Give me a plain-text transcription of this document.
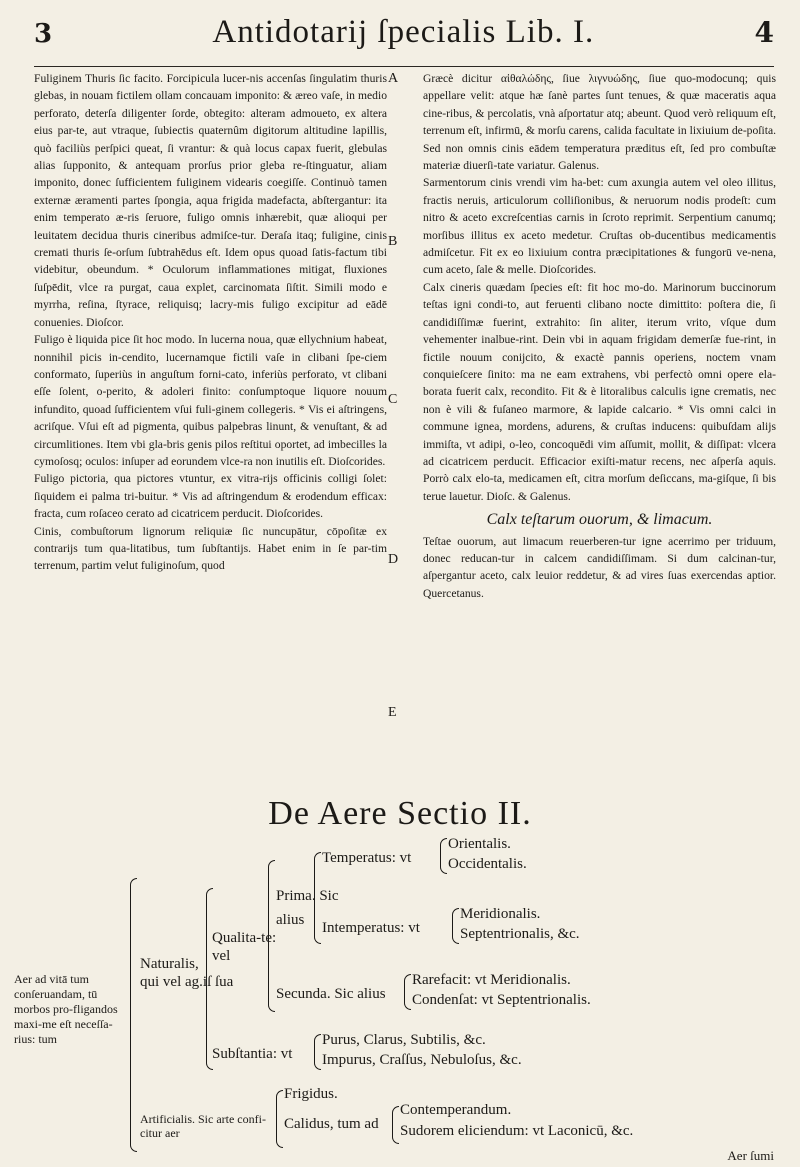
3	Antidotarij ſpecialis Lib. I.	4
A
B
C
D
E

Fuliginem Thuris ſic facito. Forcipicula lucer-nis accenſas ſingulatim thuris glebas, in nouam fictilem ollam concauam imponito: & æreo vaſe, in medio perforato, deterſa diligenter ſorde, obtegito: alteram admoueto, ex altera eius par-te, aut vtraque, ſubiectis quaternûm digitorum altitudine lapillis, quò faciliùs perſpici queat, ſi vrantur: & quà locus capax fuerit, glebulas alias ſupponito, & antequam prorſus prior gleba re-ſtinguatur, aliam imponito, donec ſufficientem fuliginem videaris coegiſſe. Continuò tamen externæ æramenti partes ſpongia, aqua frigida madefacta, abſtergantur: ita enim temperato æ-ris ſeruore, fuligo omnis inhærebit, quæ alioqui per leuitatem decidua thuris cineribus admiſce-tur. Deraſa itaq; fuligine, cinis cremati thuris ſe-orſum ſubtrahēdus eſt. Idem opus quoad ſatis-factum tibi videbitur, obeundum. * Oculorum inflammationes mitigat, fluxiones ſuſpēdit, vlce ra purgat, caua explet, carcinomata ſiſtit. Simili modo e myrrha, reſina, ſtyrace, reliquisq; lacry-mis fuligo excipitur ad eādē conuenies. Dioſcor.

Fuligo è liquida pice ſit hoc modo. In lucerna noua, quæ ellychnium habeat, nonnihil picis in-cendito, lucernamque fictili vaſe in clibani ſpe-ciem conformato, ſuperiùs in anguſtum forni-cato, inferiùs perforato, vt clibani eſſe ſolent, o-perito, & adoleri finito: conſumptoque liquore nouum infundito, quoad ſufficientem vſui fuli-ginem collegeris. * Vis ei aſtringens, acriſque. Vſui eſt ad pigmenta, quibus palpebras linunt, & venuſtant, & ad circumlitiones. Item vbi gla-bris genis pilos reſtitui oportet, ad imbecilles la cymoſosq; oculos: inſuper ad eorundem vlce-ra non inutilis eſt. Dioſcorides.

Fuligo pictoria, qua pictores vtuntur, ex vitra-rijs officinis colligi ſolet: ſiquidem ei palma tri-buitur. * Vis ad aſtringendum & erodendum efficax: fracta, cum roſaceo cerato ad cicatricem perducit. Dioſcorides.

Cinis, combuſtorum lignorum reliquiæ ſic nuncupātur, cōpoſitæ ex contrarijs tum qua-litatibus, tum ſubſtantijs. Habet enim in ſe par-tim terrenum, partim velut fuliginoſum, quod

Græcè dicitur αἰθαλώδης, ſiue λιγνυώδης, ſiue quo-modocunq; quis appellare velit: atque hæ ſanè partes ſunt tenues, & quæ maceratis aqua cine-ribus, & percolatis, vnà aſportatur atq; abeunt. Quod verò reliquum eſt, terrenum eſt, infirmū, & morſu carens, calida facultate in lixiuium de-poſita. Sed non omnis cinis eādem temperatura præditus eſt, ſed pro combuſtæ materiæ diuerſi-tate variatur. Galenus.

Sarmentorum cinis vrendi vim ha-bet: cum axungia autem vel oleo illitus, fractis neruis, articulorum colliſionibus, & neruorum nodis prodeſt: cum nitro & aceto excreſcentias carnis in ſcroto reprimit. Serpentium canumq; morſibus illitus ex aceto medetur. Cruſtas ob-ducentibus medicamentis admiſcetur. Fit ex eo lixiuium contra præcipitationes & fungorū ve-nena, cum aceto, ſale & melle. Dioſcorides.

Calx cineris quædam ſpecies eſt: fit hoc mo-do. Marinorum buccinorum teſtas igni condi-to, aut feruenti clibano nocte dimittito: poſtera die, ſi candidiſſimæ fuerint, extrahito: ſin aliter, iterum vrito, vſque dum vehementer inalbue-rint. Dein vbi in aquam frigidam demerſæ fue-rint, in fictile nouum conijcito, & exactè pannis operiens, noctem vnam conquieſcere ſinito: ma ne eam extrahens, vbi perfectò omni opere ela-borata fuerit calx, recondito. Fit & è litoralibus calculis igne crematis, nec non è vili & fuſaneo marmore, & lapide calcario. * Vis omni calci in commune ignea, mordens, adurens, & cruſtas inducens: quibuſdam alijs immiſta, vt adipi, o-leo, concoquēdi vim aſſumit, mollit, & diſſipat: vlcera ad cicatricem perducit. Efficacior exiſti-matur recens, nec aſperſa aquis. Porrò calx elo-ta, medicamen eſt, citra morſum deſiccans, ma-giſque, ſi bis terue lauetur. Dioſc. & Galenus.

Calx teſtarum ouorum, & limacum.

Teſtae ouorum, aut limacum reuerberen-tur igne acerrimo per triduum, donec reducan-tur in calcem candidiſſimam. Si dum calcinan-tur, aſpergantur aceto, calx leuior reddetur, & ad vires ſuas exercendas aptior. Quercetanus.

De Aere Sectio II.
Aer ad vitā tum conſeruandam, tū morbos pro-fligandos maxi-me eſt neceſſa-rius: tum
Naturalis,
qui vel ag.iſ ſua
Qualita-te:
vel
Prima. Sic
alius
Temperatus: vt
Orientalis.
Occidentalis.
Intemperatus: vt
Meridionalis.
Septentrionalis, &c.
Secunda. Sic alius
Rarefacit: vt Meridionalis.
Condenſat: vt Septentrionalis.
Subſtantia: vt
Purus, Clarus, Subtilis, &c.
Impurus, Craſſus, Nebuloſus, &c.
Artificialis. Sic arte confi-citur aer
Frigidus.
Calidus, tum ad
Contemperandum.
Sudorem eliciendum: vt Laconicū, &c.
Aer ſumi
